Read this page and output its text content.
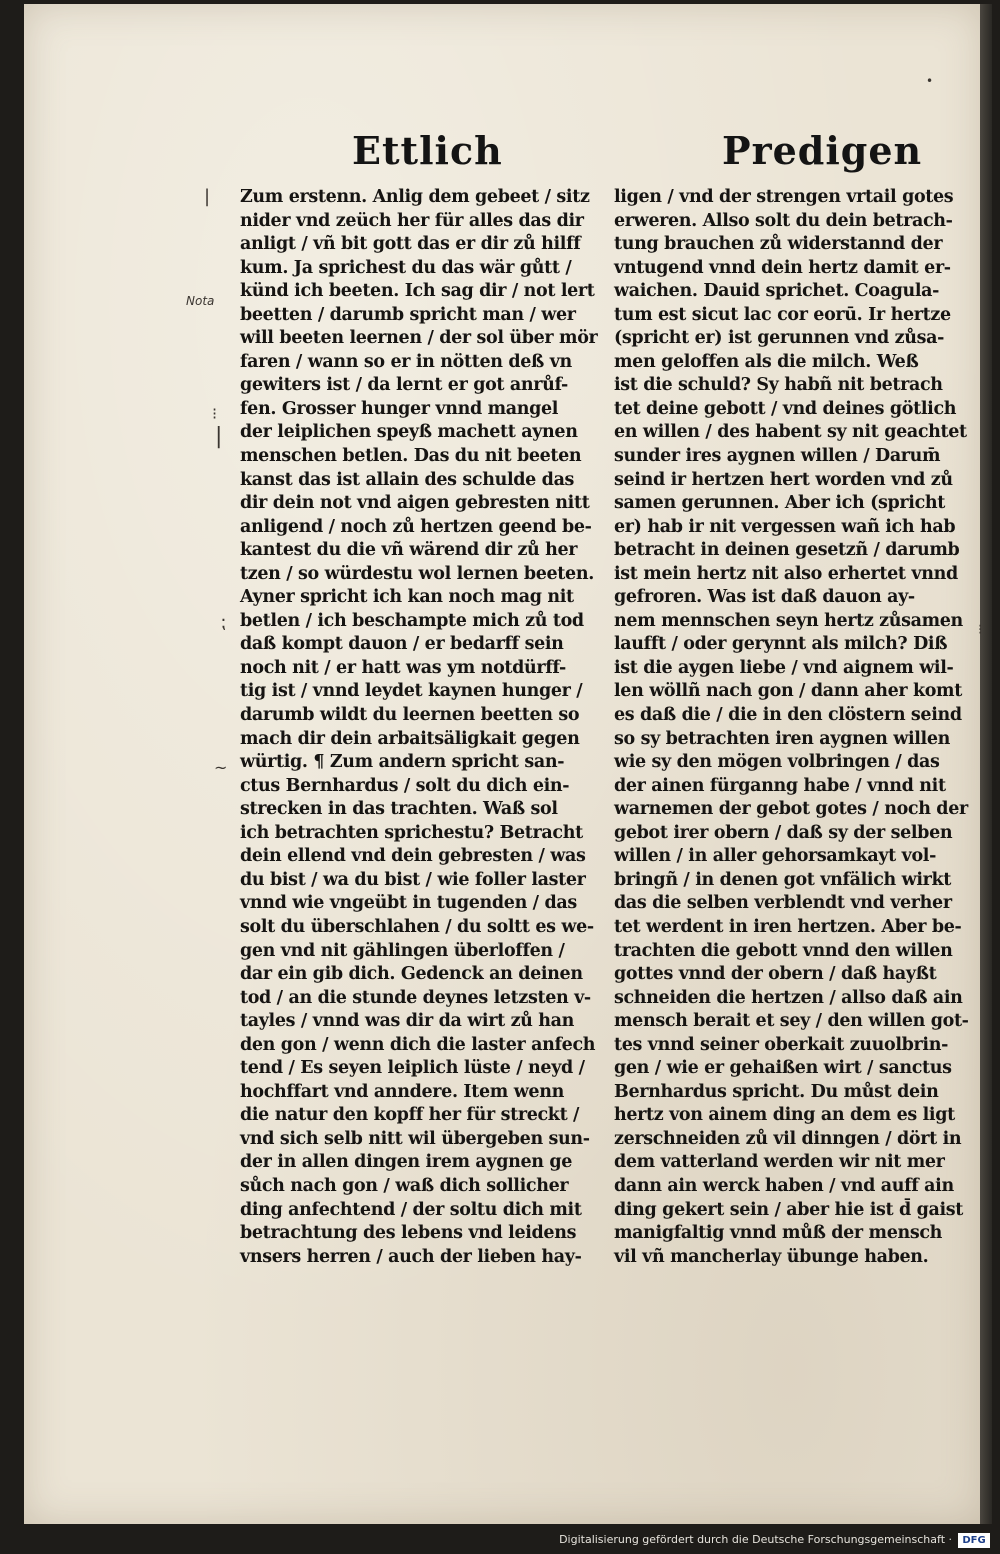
Ettlich	Predigen
|
Nota
⁝
|
⁏
~
⁝
•
Zum erstenn. Anlig dem gebeet / sitz
nider vnd zeüch her für alles das dir
anligt / vñ bit gott das er dir zů hilff
kum. Ja sprichest du das wär gůtt /
künd ich beeten. Ich sag dir / not lert
beetten / darumb spricht man / wer
will beeten leernen / der sol über mör
faren / wann so er in nötten deß vn
gewiters ist / da lernt er got anrůf-
fen. Grosser hunger vnnd mangel
der leiplichen speyß machett aynen
menschen betlen. Das du nit beeten
kanst das ist allain des schulde das
dir dein not vnd aigen gebresten nitt
anligend / noch zů hertzen geend be-
kantest du die vñ wärend dir zů her
tzen / so würdestu wol lernen beeten.
Ayner spricht ich kan noch mag nit
betlen / ich beschampte mich zů tod
daß kompt dauon / er bedarff sein
noch nit / er hatt was ym notdürff-
tig ist / vnnd leydet kaynen hunger /
darumb wildt du leernen beetten so
mach dir dein arbaitsäligkait gegen
würtig. ¶ Zum andern spricht san-
ctus Bernhardus / solt du dich ein-
strecken in das trachten. Waß sol
ich betrachten sprichestu? Betracht
dein ellend vnd dein gebresten / was
du bist / wa du bist / wie foller laster
vnnd wie vngeübt in tugenden / das
solt du überschlahen / du soltt es we-
gen vnd nit gählingen überloffen /
dar ein gib dich. Gedenck an deinen
tod / an die stunde deynes letzsten v-
tayles / vnnd was dir da wirt zů han
den gon / wenn dich die laster anfech
tend / Es seyen leiplich lüste / neyd /
hochffart vnd anndere. Item wenn
die natur den kopff her für streckt /
vnd sich selb nitt wil übergeben sun-
der in allen dingen irem aygnen ge
sůch nach gon / waß dich sollicher
ding anfechtend / der soltu dich mit
betrachtung des lebens vnd leidens
vnsers herren / auch der lieben hay-
ligen / vnd der strengen vrtail gotes
erweren. Allso solt du dein betrach-
tung brauchen zů widerstannd der
vntugend vnnd dein hertz damit er-
waichen. Dauid sprichet. Coagula-
tum est sicut lac cor eorū. Ir hertze
(spricht er) ist gerunnen vnd zůsa-
men geloffen als die milch. Weß
ist die schuld? Sy habñ nit betrach
tet deine gebott / vnd deines götlich
en willen / des habent sy nit geachtet
sunder ires aygnen willen / Darum̄
seind ir hertzen hert worden vnd zů
samen gerunnen. Aber ich (spricht
er) hab ir nit vergessen wañ ich hab
betracht in deinen gesetzñ / darumb
ist mein hertz nit also erhertet vnnd
gefroren. Was ist daß dauon ay-
nem mennschen seyn hertz zůsamen
laufft / oder gerynnt als milch? Diß
ist die aygen liebe / vnd aignem wil-
len wöllñ nach gon / dann aher komt
es daß die / die in den clöstern seind
so sy betrachten iren aygnen willen
wie sy den mögen volbringen / das
der ainen fürganng habe / vnnd nit
warnemen der gebot gotes / noch der
gebot irer obern / daß sy der selben
willen / in aller gehorsamkayt vol-
bringñ / in denen got vnfälich wirkt
das die selben verblendt vnd verher
tet werdent in iren hertzen. Aber be-
trachten die gebott vnnd den willen
gottes vnnd der obern / daß hayßt
schneiden die hertzen / allso daß ain
mensch berait et sey / den willen got-
tes vnnd seiner oberkait zuuolbrin-
gen / wie er gehaißen wirt / sanctus
Bernhardus spricht. Du můst dein
hertz von ainem ding an dem es ligt
zerschneiden zů vil dinngen / dört in
dem vatterland werden wir nit mer
dann ain werck haben / vnd auff ain
ding gekert sein / aber hie ist d̄ gaist
manigfaltig vnnd můß der mensch
vil vñ mancherlay übunge haben.
Digitalisierung gefördert durch die Deutsche Forschungsgemeinschaft ·	DFG
